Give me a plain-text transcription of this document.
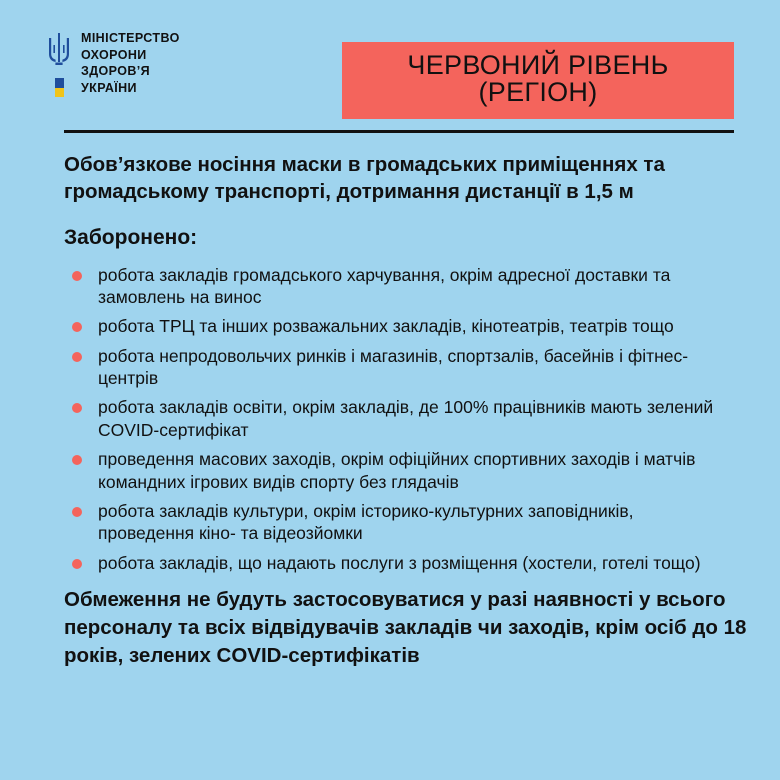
МІНІСТЕРСТВО
ОХОРОНИ
ЗДОРОВ’Я
УКРАЇНИ
ЧЕРВОНИЙ РІВЕНЬ (РЕГІОН)
Обов’язкове носіння маски в громадських приміщеннях та громадському транспорті, дотримання дистанції в 1,5 м
Заборонено:
робота закладів громадського харчування, окрім адресної доставки та замовлень на винос
робота ТРЦ та інших розважальних закладів, кінотеатрів, театрів тощо
робота непродовольчих ринків і магазинів, спортзалів, басейнів і фітнес-центрів
робота закладів освіти, окрім закладів, де 100% працівників мають зелений COVID-сертифікат
проведення масових заходів, окрім офіційних спортивних заходів і матчів командних ігрових видів спорту без глядачів
робота закладів культури, окрім історико-культурних заповідників, проведення кіно- та відеозйомки
робота закладів, що надають послуги з розміщення (хостели, готелі тощо)
Обмеження не будуть застосовуватися у разі наявності у всього персоналу та всіх відвідувачів закладів чи заходів, крім осіб до 18 років, зелених COVID-сертифікатів
